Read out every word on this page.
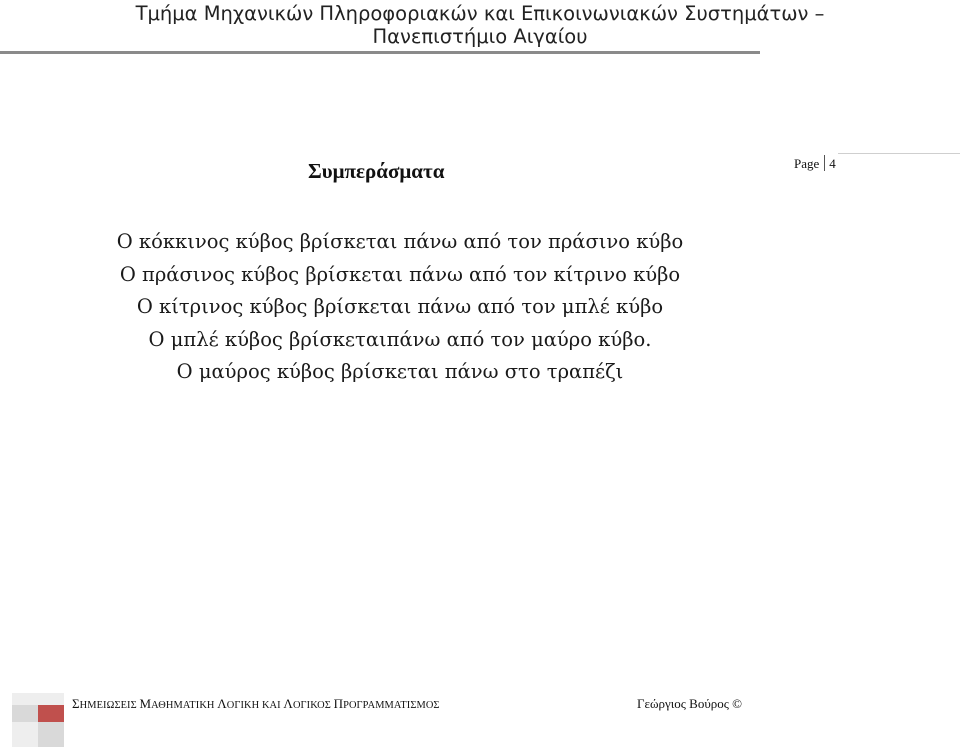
Τμήμα Μηχανικών Πληροφοριακών και Επικοινωνιακών Συστημάτων –
Πανεπιστήμιο Αιγαίου
Page 4
Συμπεράσματα
Ο κόκκινος κύβος βρίσκεται πάνω από τον πράσινο κύβο
Ο πράσινος κύβος βρίσκεται πάνω από τον κίτρινο κύβο
Ο κίτρινος κύβος βρίσκεται πάνω από τον μπλέ κύβο
Ο μπλέ κύβος βρίσκεταιπάνω από τον μαύρο κύβο.
Ο μαύρος κύβος βρίσκεται πάνω στο τραπέζι
ΣΗΜΕΙΩΣΕΙΣ ΜΑΘΗΜΑΤΙΚΗ ΛΟΓΙΚΗ ΚΑΙ ΛΟΓΙΚΟΣ ΠΡΟΓΡΑΜΜΑΤΙΣΜΟΣ	Γεώργιος Βούρος ©
